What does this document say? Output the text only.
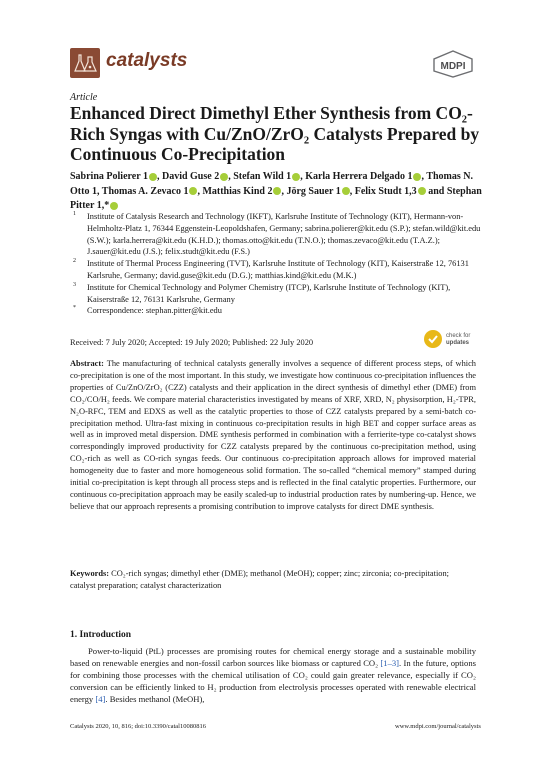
catalysts	MDPI
Article
Enhanced Direct Dimethyl Ether Synthesis from CO₂-Rich Syngas with Cu/ZnO/ZrO₂ Catalysts Prepared by Continuous Co-Precipitation
Sabrina Polierer 1 , David Guse 2 , Stefan Wild 1 , Karla Herrera Delgado 1 , Thomas N. Otto 1, Thomas A. Zevaco 1 , Matthias Kind 2 , Jörg Sauer 1 , Felix Studt 1,3 and Stephan Pitter 1,*

1 Institute of Catalysis Research and Technology (IKFT), Karlsruhe Institute of Technology (KIT), Hermann-von-Helmholtz-Platz 1, 76344 Eggenstein-Leopoldshafen, Germany; sabrina.polierer@kit.edu (S.P.); stefan.wild@kit.edu (S.W.); karla.herrera@kit.edu (K.H.D.); thomas.otto@kit.edu (T.N.O.); thomas.zevaco@kit.edu (T.A.Z.); J.sauer@kit.edu (J.S.); felix.studt@kit.edu (F.S.)

2 Institute of Thermal Process Engineering (TVT), Karlsruhe Institute of Technology (KIT), Kaiserstraße 12, 76131 Karlsruhe, Germany; david.guse@kit.edu (D.G.); matthias.kind@kit.edu (M.K.)

3 Institute for Chemical Technology and Polymer Chemistry (ITCP), Karlsruhe Institute of Technology (KIT), Kaiserstraße 12, 76131 Karlsruhe, Germany

* Correspondence: stephan.pitter@kit.edu

Received: 7 July 2020; Accepted: 19 July 2020; Published: 22 July 2020
check for
updates
Abstract: The manufacturing of technical catalysts generally involves a sequence of different process steps, of which co-precipitation is one of the most important. In this study, we investigate how continuous co-precipitation influences the properties of Cu/ZnO/ZrO₂ (CZZ) catalysts and their application in the direct synthesis of dimethyl ether (DME) from CO₂/CO/H₂ feeds. We compare material characteristics investigated by means of XRF, XRD, N₂ physisorption, H₂-TPR, N₂O-RFC, TEM and EDXS as well as the catalytic properties to those of CZZ catalysts prepared by a semi-batch co-precipitation method. Ultra-fast mixing in continuous co-precipitation results in high BET and copper surface areas as well as in improved metal dispersion. DME synthesis performed in combination with a ferrierite-type co-catalyst shows correspondingly improved productivity for CZZ catalysts prepared by the continuous co-precipitation method, using CO₂-rich as well as CO-rich syngas feeds. Our continuous co-precipitation approach allows for improved material homogeneity due to faster and more homogeneous solid formation. The so-called “chemical memory” stamped during initial co-precipitation is kept through all process steps and is reflected in the final catalytic properties. Furthermore, our continuous co-precipitation approach may be easily scaled-up to industrial production rates by numbering-up. Hence, we believe that our approach represents a promising contribution to improve catalysts for direct DME synthesis.
Keywords: CO₂-rich syngas; dimethyl ether (DME); methanol (MeOH); copper; zinc; zirconia; co-precipitation; catalyst preparation; catalyst characterization
1. Introduction
Power-to-liquid (PtL) processes are promising routes for chemical energy storage and a sustainable mobility based on renewable energies and non-fossil carbon sources like biomass or captured CO₂ [1–3]. In the future, options for combining those processes with the chemical utilisation of CO₂ could gain greater relevance, especially if CO₂ conversion can be efficiently linked to H₂ production from electrolysis processes operated with renewable electrical energy [4]. Besides methanol (MeOH),
Catalysts 2020, 10, 816; doi:10.3390/catal10080816	www.mdpi.com/journal/catalysts
